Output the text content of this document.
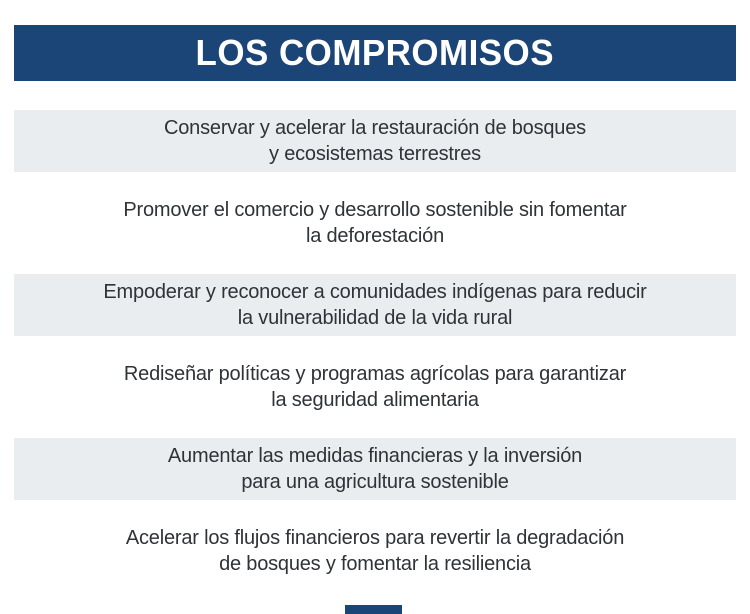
LOS COMPROMISOS
Conservar y acelerar la restauración de bosques
y ecosistemas terrestres
Promover el comercio y desarrollo sostenible sin fomentar
la deforestación
Empoderar y reconocer a comunidades indígenas para reducir
la vulnerabilidad de la vida rural
Rediseñar políticas y programas agrícolas para garantizar
la seguridad alimentaria
Aumentar las medidas financieras y la inversión
para una agricultura sostenible
Acelerar los flujos financieros para revertir la degradación
de bosques y fomentar la resiliencia
